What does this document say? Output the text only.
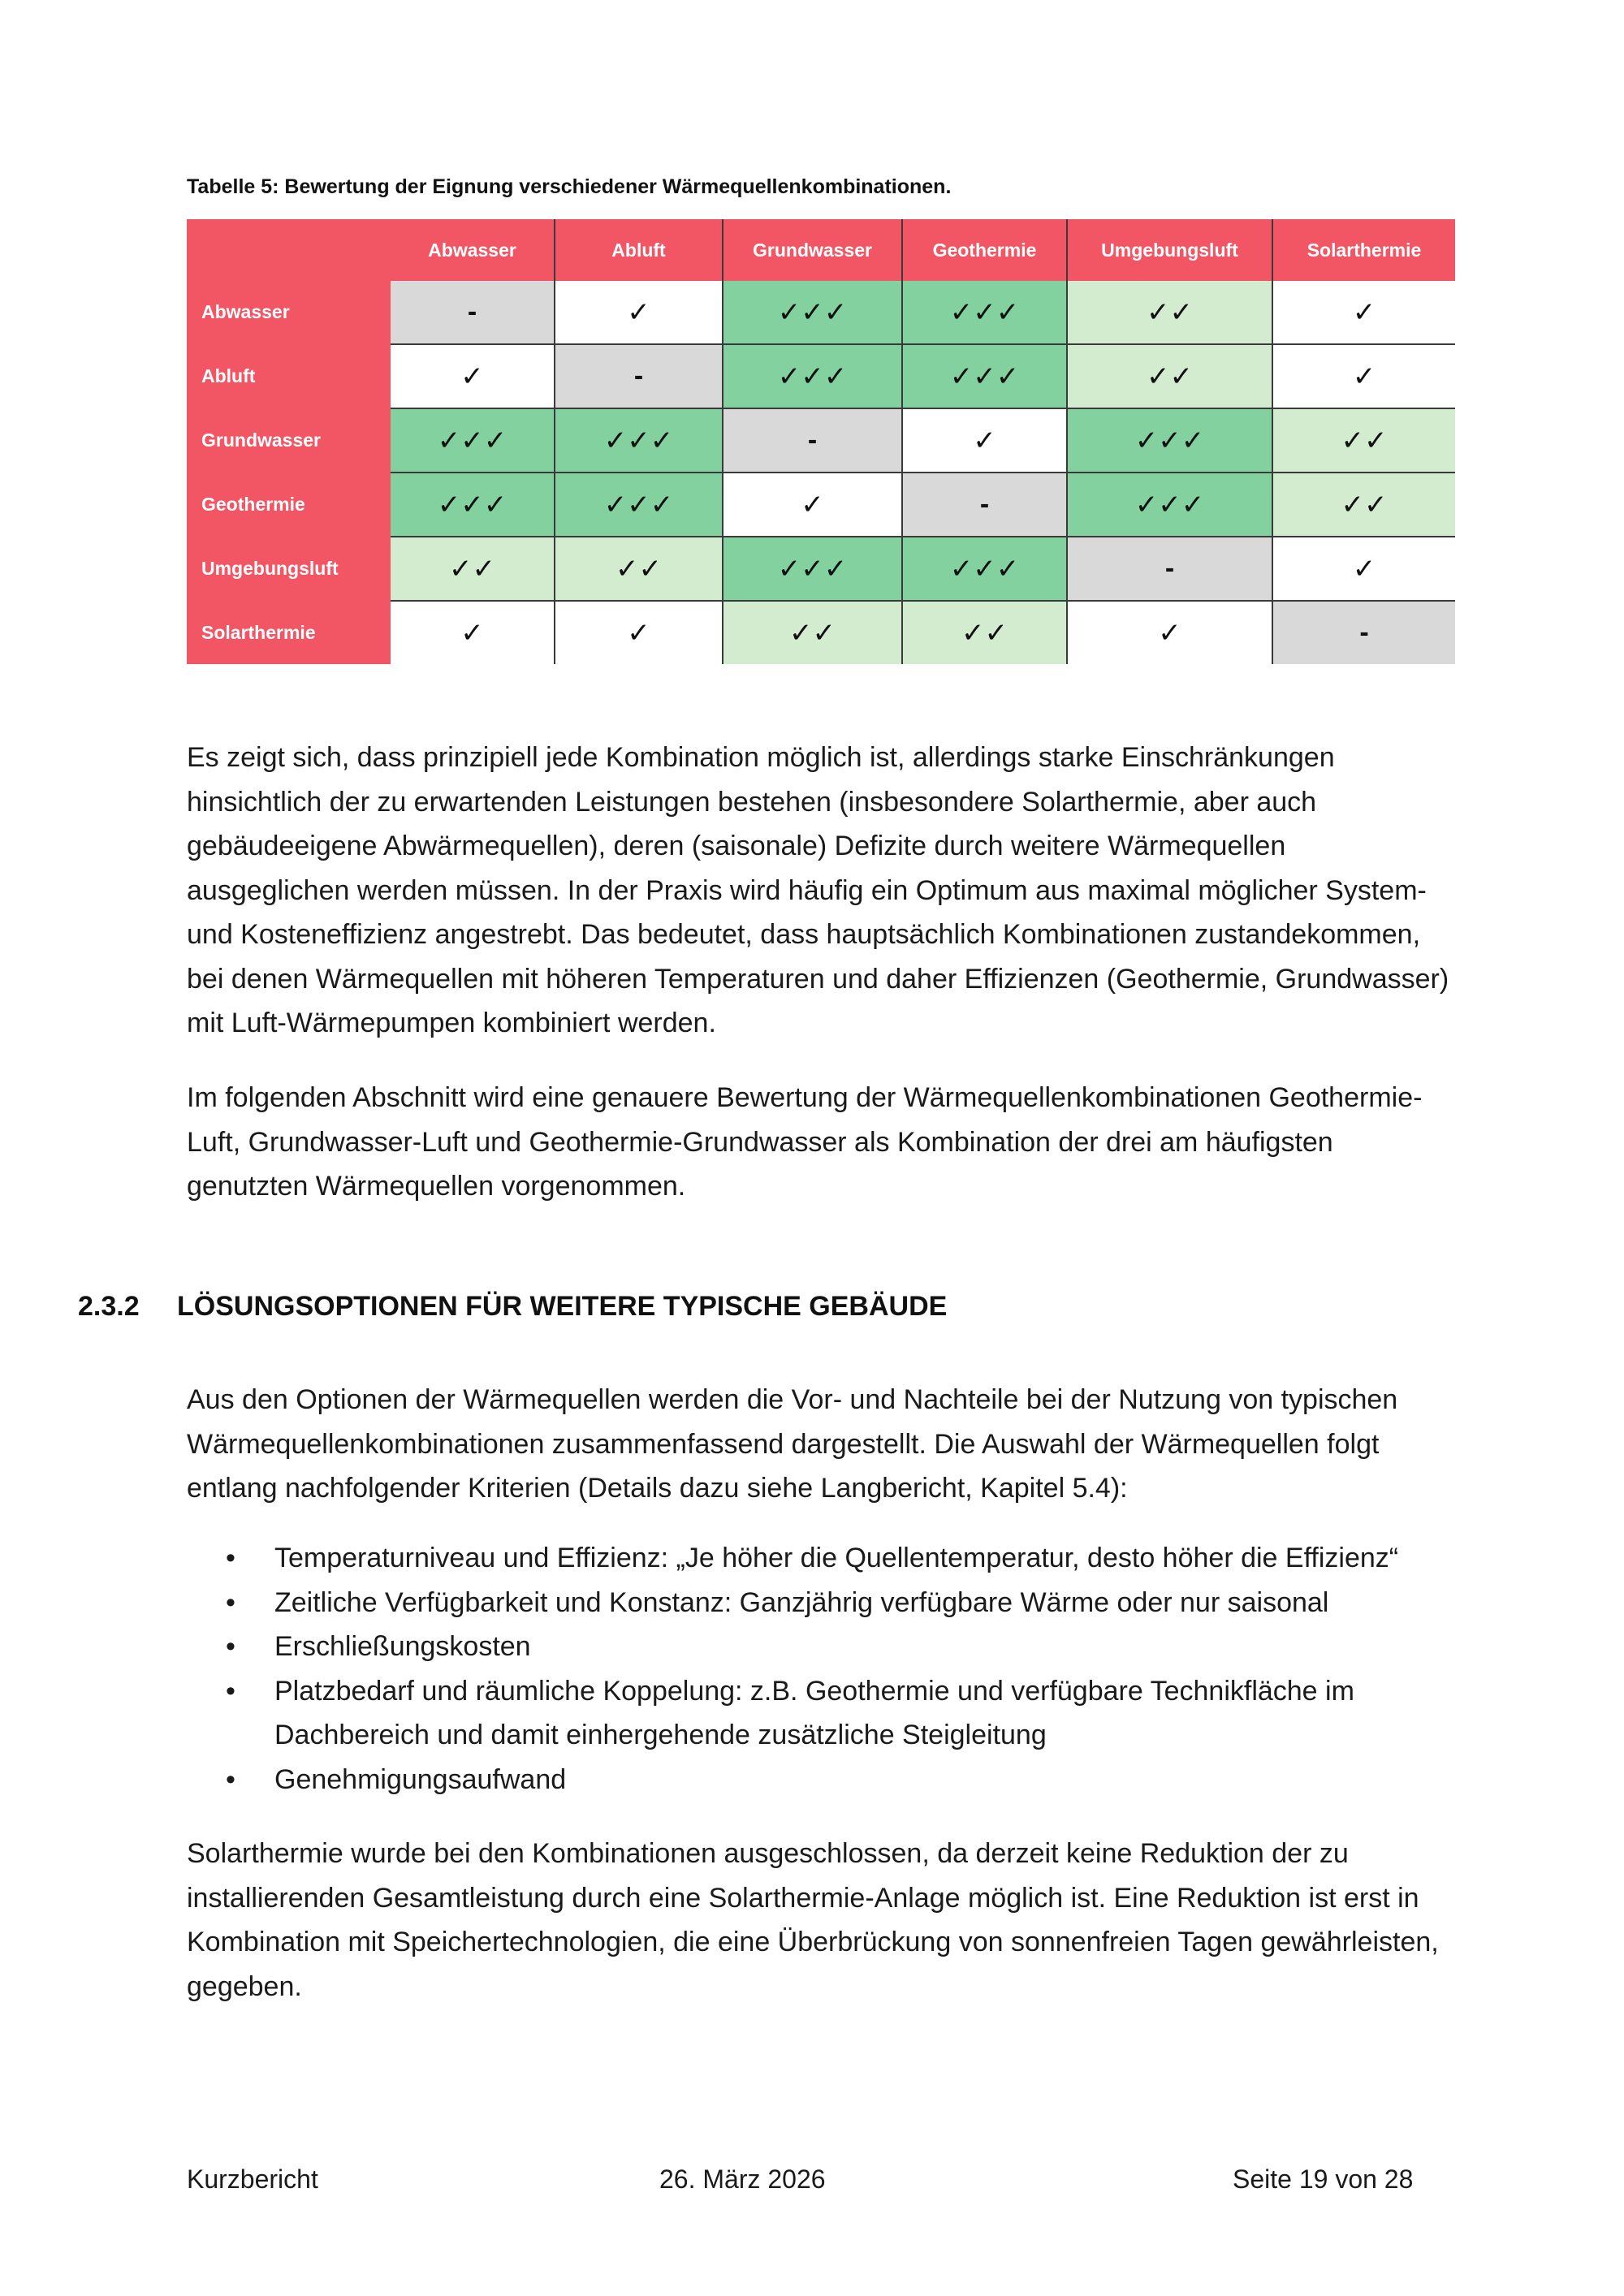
Tabelle 5: Bewertung der Eignung verschiedener Wärmequellenkombinationen.
	Abwasser	Abluft	Grundwasser	Geothermie	Umgebungsluft	Solarthermie
Abwasser	-	✓	✓✓✓	✓✓✓	✓✓	✓
Abluft	✓	-	✓✓✓	✓✓✓	✓✓	✓
Grundwasser	✓✓✓	✓✓✓	-	✓	✓✓✓	✓✓
Geothermie	✓✓✓	✓✓✓	✓	-	✓✓✓	✓✓
Umgebungsluft	✓✓	✓✓	✓✓✓	✓✓✓	-	✓
Solarthermie	✓	✓	✓✓	✓✓	✓	-

Es zeigt sich, dass prinzipiell jede Kombination möglich ist, allerdings starke Einschränkungen hinsichtlich der zu erwartenden Leistungen bestehen (insbesondere Solarthermie, aber auch gebäudeeigene Abwärmequellen), deren (saisonale) Defizite durch weitere Wärmequellen ausgeglichen werden müssen. In der Praxis wird häufig ein Optimum aus maximal möglicher System- und Kosteneffizienz angestrebt. Das bedeutet, dass hauptsächlich Kombinationen zustandekommen, bei denen Wärmequellen mit höheren Temperaturen und daher Effizienzen (Geothermie, Grundwasser) mit Luft-Wärmepumpen kombiniert werden.

Im folgenden Abschnitt wird eine genauere Bewertung der Wärmequellenkombinationen Geothermie-Luft, Grundwasser-Luft und Geothermie-Grundwasser als Kombination der drei am häufigsten genutzten Wärmequellen vorgenommen.

2.3.2 LÖSUNGSOPTIONEN FÜR WEITERE TYPISCHE GEBÄUDE

Aus den Optionen der Wärmequellen werden die Vor- und Nachteile bei der Nutzung von typischen Wärmequellenkombinationen zusammenfassend dargestellt. Die Auswahl der Wärmequellen folgt entlang nachfolgender Kriterien (Details dazu siehe Langbericht, Kapitel 5.4):

• Temperaturniveau und Effizienz: „Je höher die Quellentemperatur, desto höher die Effizienz“
• Zeitliche Verfügbarkeit und Konstanz: Ganzjährig verfügbare Wärme oder nur saisonal
• Erschließungskosten
• Platzbedarf und räumliche Koppelung: z.B. Geothermie und verfügbare Technikfläche im Dachbereich und damit einhergehende zusätzliche Steigleitung
• Genehmigungsaufwand

Solarthermie wurde bei den Kombinationen ausgeschlossen, da derzeit keine Reduktion der zu installierenden Gesamtleistung durch eine Solarthermie-Anlage möglich ist. Eine Reduktion ist erst in Kombination mit Speichertechnologien, die eine Überbrückung von sonnenfreien Tagen gewährleisten, gegeben.

Kurzbericht	26. März 2026	Seite 19 von 28
